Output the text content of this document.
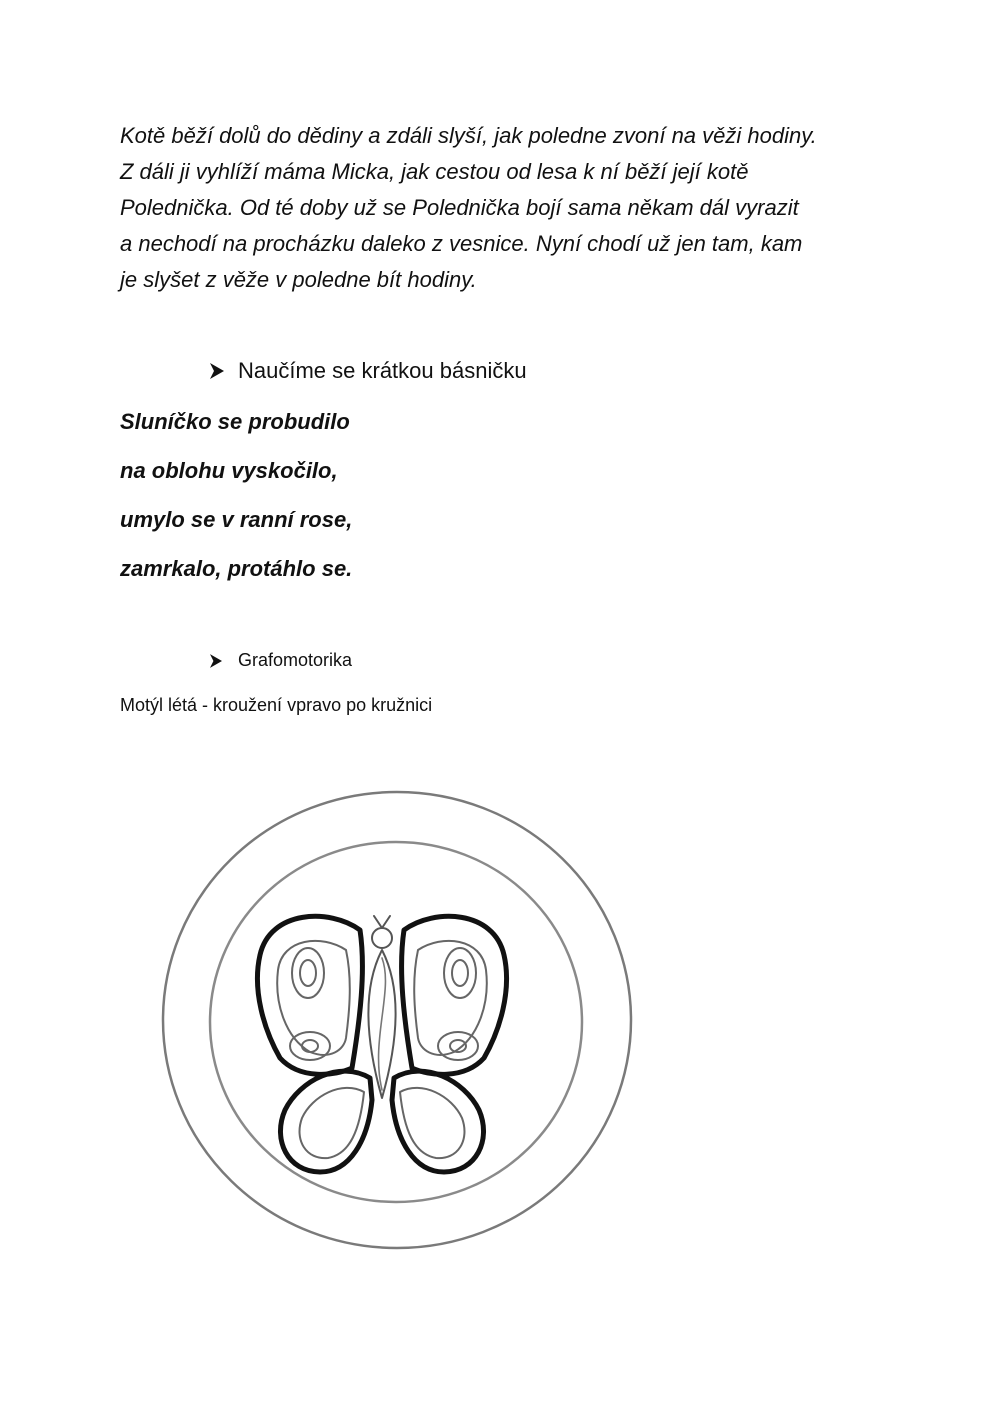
Kotě běží dolů do dědiny a zdáli slyší, jak poledne zvoní na věži hodiny.
Z dáli ji vyhlíží máma Micka, jak cestou od lesa k ní běží její kotě
Polednička. Od té doby už se Polednička bojí sama někam dál vyrazit
a nechodí na procházku daleko z vesnice. Nyní chodí už jen tam, kam
je slyšet z věže v poledne bít hodiny.

Naučíme se krátkou básničku
Sluníčko se probudilo
na oblohu vyskočilo,
umylo se v ranní rose,
zamrkalo, protáhlo se.
Grafomotorika
Motýl létá - kroužení vpravo po kružnici
